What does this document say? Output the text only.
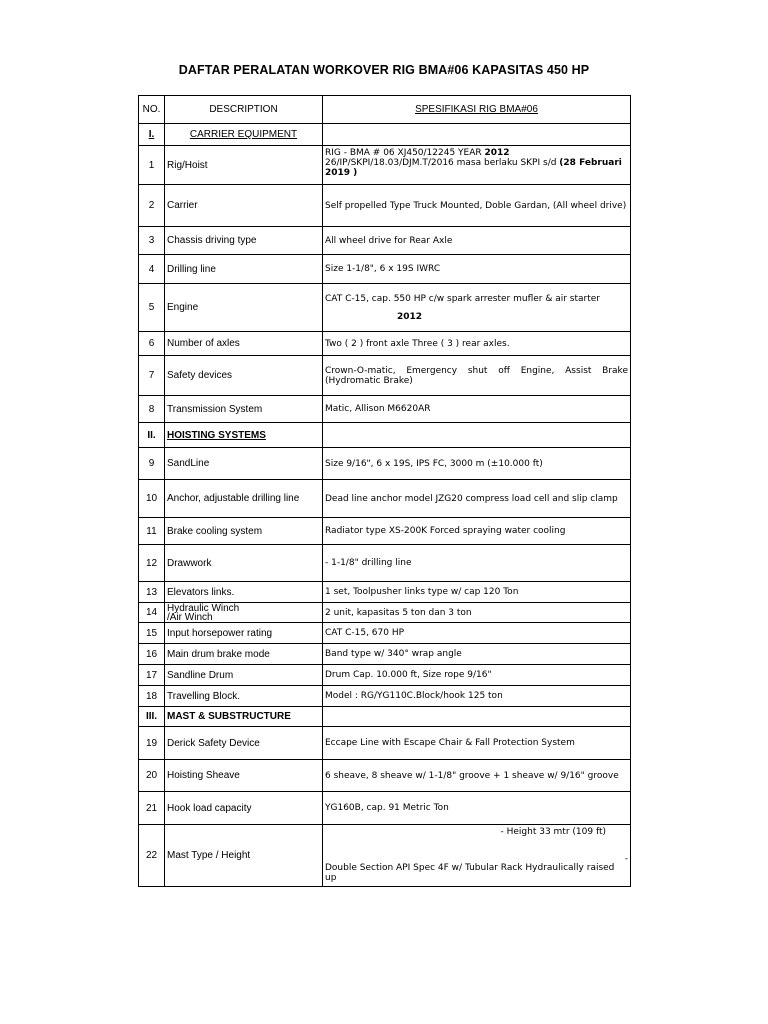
DAFTAR PERALATAN WORKOVER RIG BMA#06 KAPASITAS 450 HP
NO.	DESCRIPTION	SPESIFIKASI RIG BMA#06
I.	CARRIER EQUIPMENT	
1	Rig/Hoist	RIG - BMA # 06 XJ450/12245 YEAR 2012
26/IP/SKPI/18.03/DJM.T/2016 masa berlaku SKPI s/d (28 Februari 2019 )
2	Carrier	Self propelled Type Truck Mounted, Doble Gardan, (All wheel drive)
3	Chassis driving type	All wheel drive for Rear Axle
4	Drilling line	Size 1-1/8", 6 x 19S IWRC
5	Engine	CAT C-15, cap. 550 HP c/w spark arrester mufler & air starter
2012

6	Number of axles	Two ( 2 ) front axle Three ( 3 ) rear axles.
7	Safety devices	Crown-O-matic, Emergency shut off Engine, Assist Brake
(Hydromatic Brake)

8	Transmission System	Matic, Allison M6620AR
II.	HOISTING SYSTEMS	
9	SandLine	Size 9/16", 6 x 19S, IPS FC, 3000 m (±10.000 ft)
10	Anchor, adjustable drilling line	Dead line anchor model JZG20 compress load cell and slip clamp
11	Brake cooling system	Radiator type XS-200K Forced spraying water cooling
12	Drawwork	- 1-1/8" drilling line
13	Elevators links.	1 set, Toolpusher links type w/ cap 120 Ton
14	Hydraulic Winch
/Air Winch	2 unit, kapasitas 5 ton dan 3 ton
15	Input horsepower rating	CAT C-15, 670 HP
16	Main drum brake mode	Band type w/ 340° wrap angle
17	Sandline Drum	Drum Cap. 10.000 ft, Size rope 9/16"
18	Travelling Block.	Model : RG/YG110C.Block/hook 125 ton
III.	MAST & SUBSTRUCTURE	
19	Derick Safety Device	Eccape Line with Escape Chair & Fall Protection System
20	Hoisting Sheave	6 sheave, 8 sheave w/ 1-1/8" groove + 1 sheave w/ 9/16" groove
21	Hook load capacity	YG160B, cap. 91 Metric Ton
22	Mast Type / Height	- Height 33 mtr (109 ft)
-
Double Section API Spec 4F w/ Tubular Rack Hydraulically raised up
